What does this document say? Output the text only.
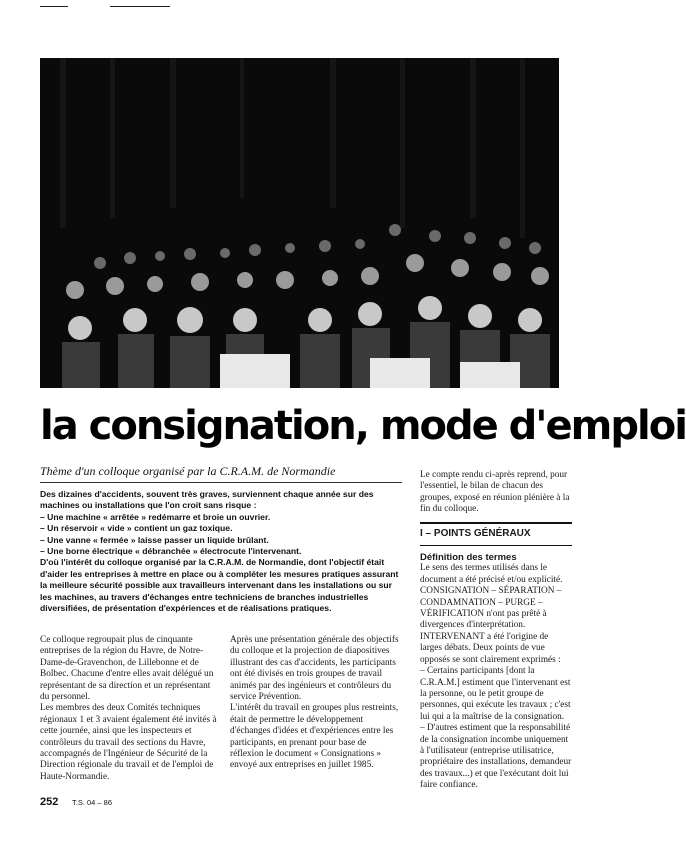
la consignation, mode d'emploi
Thème d'un colloque organisé par la C.R.A.M. de Normandie

Des dizaines d'accidents, souvent très graves, surviennent chaque année sur des machines ou installations que l'on croit sans risque :

– Une machine « arrêtée » redémarre et broie un ouvrier.

– Un réservoir « vide » contient un gaz toxique.

– Une vanne « fermée » laisse passer un liquide brûlant.

– Une borne électrique « débranchée » électrocute l'intervenant.

D'où l'intérêt du colloque organisé par la C.R.A.M. de Normandie, dont l'objectif était d'aider les entreprises à mettre en place ou à compléter les mesures pratiques assurant la meilleure sécurité possible aux travailleurs intervenant dans les installations ou sur les machines, au travers d'échanges entre techniciens de branches industrielles diversifiées, de présentation d'expériences et de réalisations pratiques.

Ce colloque regroupait plus de cinquante entreprises de la région du Havre, de Notre-Dame-de-Gravenchon, de Lillebonne et de Bolbec. Chacune d'entre elles avait délégué un représentant de sa direction et un représentant du personnel.

Les membres des deux Comités techniques régionaux 1 et 3 avaient également été invités à cette journée, ainsi que les inspecteurs et contrôleurs du travail des sections du Havre, accompagnés de l'Ingénieur de Sécurité de la Direction régionale du travail et de l'emploi de Haute-Normandie.

Après une présentation générale des objectifs du colloque et la projection de diapositives illustrant des cas d'accidents, les participants ont été divisés en trois groupes de travail animés par des ingénieurs et contrôleurs du service Prévention.

L'intérêt du travail en groupes plus restreints, était de permettre le développement d'échanges d'idées et d'expériences entre les participants, en prenant pour base de réflexion le document « Consignations » envoyé aux entreprises en juillet 1985.

Le compte rendu ci-après reprend, pour l'essentiel, le bilan de chacun des groupes, exposé en réunion plénière à la fin du colloque.

I – POINTS GÉNÉRAUX
Définition des termes

Le sens des termes utilisés dans le document a été précisé et/ou explicité.

CONSIGNATION – SÉPARATION – CONDAMNATION – PURGE – VÉRIFICATION n'ont pas prêté à divergences d'interprétation.

INTERVENANT a été l'origine de larges débats. Deux points de vue opposés se sont clairement exprimés :

– Certains participants [dont la C.R.A.M.] estiment que l'intervenant est la personne, ou le petit groupe de personnes, qui exécute les travaux ; c'est lui qui a la maîtrise de la consignation.

– D'autres estiment que la responsabilité de la consignation incombe uniquement à l'utilisateur (entreprise utilisatrice, propriétaire des installations, demandeur des travaux...) et que l'exécutant doit lui faire confiance.

252 T.S. 04 – 86
